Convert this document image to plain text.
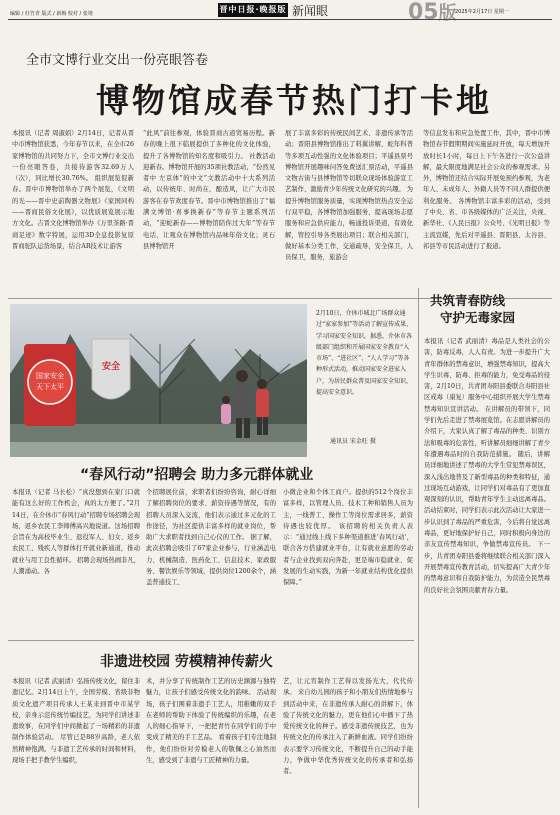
编辑 / 杜竹青 版式 / 新梅 校对 / 张靖	晋中日报·晚报版 新闻眼	05版
2025年2月17日 星期一
全市文博行业交出一份亮眼答卷
博物馆成春节热门打卡地
本报讯（记者 周淑娟）2月14日，记者从晋中市博物馆获悉，今年春节以来，在全市26家博物馆的共同努力下，全市文博行业交出一份亮眼答卷，共接待游客32.69万人（次），同比增长30.76%。 组织展览促新春。晋中市博物馆举办了两个展览，《文明的光——晋中史前陶器文物展》《家国同构——晋商民俗文化展》，以优质展览展示地方文化。吉晋文化博物馆举办《万里茶路·晋商足迹》数字特展，运用3D全息投影复原晋商驼队运货场景，结合AR技术让游客
“此风”前往参观，体验晋商古道贸易历程。新春的晚上很下临展提供了多种化的文化体验，提升了各博物馆的知名度和吸引力。 社教活动迎新春。博物馆开展的35项社教活动，“份然见者中 左京体”的中文”文教活动中十大系列活动，以传统年、时尚在，酿造风，让广大市民游客在春节欢度春节。晋中市博物馆推出了“福满文博馆·喜事换新春”等春节主题系列活动，“迎蛇新春——博物馆陪你过大年”等春节电话，让观众在博物馆内品味年俗文化；灵石县博物馆开
展了丰富多彩的传统民间艺术、非遗传承等活动；晋阳县博物馆推出了料翼讲解、蛇年科普等多项互动性强的文化体验项目；平遥县票号博物馆开展趣味问答免费送汇票活动，平遥县文物古街与县博物馆等切联众现场体验游宣工艺制作、激励青少年传统文化研究的兴趣。 为提升博物馆服务质量，实现博物馆热点安全运行双平稳，各博物馆加强服务，提高现场志愿服务和应急供应能力，畅通投诉渠道，有效化解，管控引导各类展出项目；联合相关部门，做好基本分类工作、交通疏导，安全保卫，人员保卫，服务，旅游会
等信息发布和应急处置工作，其中，晋中市博物馆春节假期期间实施延时开放，每天增加开放时长1小时，每日上下午各进行一次公益讲解，最大限度地满足社会公众的参观需求。另外，博物馆还结合实际开展免预约参观，为老年人、未成年人、外籍人员等不同人群提供便利化服务。 各博物馆丰富多彩的活动，受到了中央、省、市各级媒体的广泛关注，央视、新华社、《人民日报》公众号、《光明日报》等主流宣媒，先后对平遥县、晋阳县、太谷县、祁县等市民活动进行了报道。
国家安全
天下太平
安全
2月10日，介休市城北广场群众通过“家家参加”等活动了解宣传成果，学习国家安全知识。据悉，介休市各级部门组织和开展国家安全教育“入市场”、“进社区”、“人人学习”等各种形式活动，推动国家安全进家入户，为居民群众普及国家安全知识，提高安全意识。
通讯员 宋金旺 摄
“春风行动”招聘会 助力多元群体就业
本报讯（记者 马长松）“真没想到在家门口就能有这么好的工作机会，真的太方便了。”2月14日，在介休市“春风行动”招聘专场招聘会现场，返乡农民工李师傅高兴地说道。这场招聘会旨在为高校毕业生、退役军人、妇女、返乡农民工、残疾人等群体打开就业新通道，推动就业与用工良性循环。 招聘会现场热闹非凡，人潮涌动。各
个招聘展位前，求职者们纷纷咨询，耐心详细了解招聘岗位的要求、薪资待遇等情况，有的招聘人员深入交流，他们表示通过多元化的工作途径，为社区提供丰富多样的就业岗位，帮助广大求职者找到自己心仪的工作。 据了解，此次招聘会吸引了67家企业参与，行业涵盖电力、机械制造、医药化工、信息技术、家政服务、餐饮娱乐等领域，提供岗位1200余个，涵盖普通技工、
小微企业和个体工商户。提供的512个岗位丰富多样，以管理人员、技术工种和销售人员为主，一线普工、操作工等岗位需求居多，薪资待遇也较优厚。 该招聘的相关负责人表示：“通过线上线下多种渠道推进‘春风行动’，联合各方搭建就业平台，让有就业意愿的劳动者与企业找到双向奔赴，更是端市稳就业、促发展的生动实践，为新一年就业结构优化提供保障。”
非遗进校园 劳模精神传薪火
本报讯（记者 武丽清）弘扬传统文化，留住非遗记忆。2月14日上午，全国劳模、省级非物质文化遗产项目传承人王某来到晋中市某学校，亲身示范传统竹编技艺，为同学们讲述非遗故事，在同学们中间掀起了一场精彩的非遗制作体验活动。 尽管已是88岁高龄，老人依然精神饱满。与非遗工艺传承的时间和材料，现场手把手教学生编织，
术，并分享了传统制作工艺的历史渊源与独特魅力，让孩子们感受传统文化的韵味。 活动现场，孩子们围着非遗手工艺人，用稚嫩的双手在老师的帮助下体验了传统编织的乐趣，在老人的细心指导下，一把把青竹在同学们的手中变成了精美的手工艺品。 看着孩子们专注地制作，他们纷纷对劳模老人的敬佩之心油然而生，感受到了非遗与工匠精神的力量。
艺，让元宵制作工艺得以发扬光大，代代传承。 来自幼儿园的孩子和小朋友们热情地参与到活动中来，在非遗传承人耐心的讲解下，体验了传统文化的魅力，更在他们心中播下了热爱传统文化的种子。感受非遗传统技艺，也为传统文化的传承注入了新鲜血液。同学们纷纷表示要学习传统文化，不断提升自己的动手能力，争做中华优秀传统文化的传承者和弘扬者。
共筑青春防线
守护无毒家园
本报讯（记者 武丽清）毒品是人类社会的公害，防毒反毒，人人有责。为进一步提升广大青年群体的禁毒意识，增强禁毒知识，提高大学生识毒、防毒、拒毒的能力，免受毒品的侵害，2月10日，共青团寿阳县委联合寿阳县社区戒毒（康复）服务中心组织开展大学生禁毒禁毒知识宣讲活动。 在讲解员的带领下，同学们先后走进了禁毒展览馆。在志愿讲解员的介绍下，大家认真了解了毒品的种类、识别方法和吸毒的危害性，听讲解员细细讲解了青少年遭遇毒品时的自我防范措施。 随后，讲解员详细地讲述了禁毒的大学生常犯禁毒误区，深入浅出地普及了新型毒品的种类和特征，通过现场互动游戏，让同学们对毒品有了更加直观深刻的认识，帮助青年学生主动远离毒品。 活动结束时，同学们表示此次活动让大家进一步认识到了毒品的严重危害，今后将自觉远离毒品，更好地保护好自己，同时积极向身边的亲友宣传禁毒知识，争做禁毒宣传员。 下一步，共青团寿阳县委将继续联合相关部门深入开展禁毒宣传教育活动，切实提高广大青少年的禁毒意识和自我防护能力，为营造全民禁毒的良好社会氛围贡献青春力量。
